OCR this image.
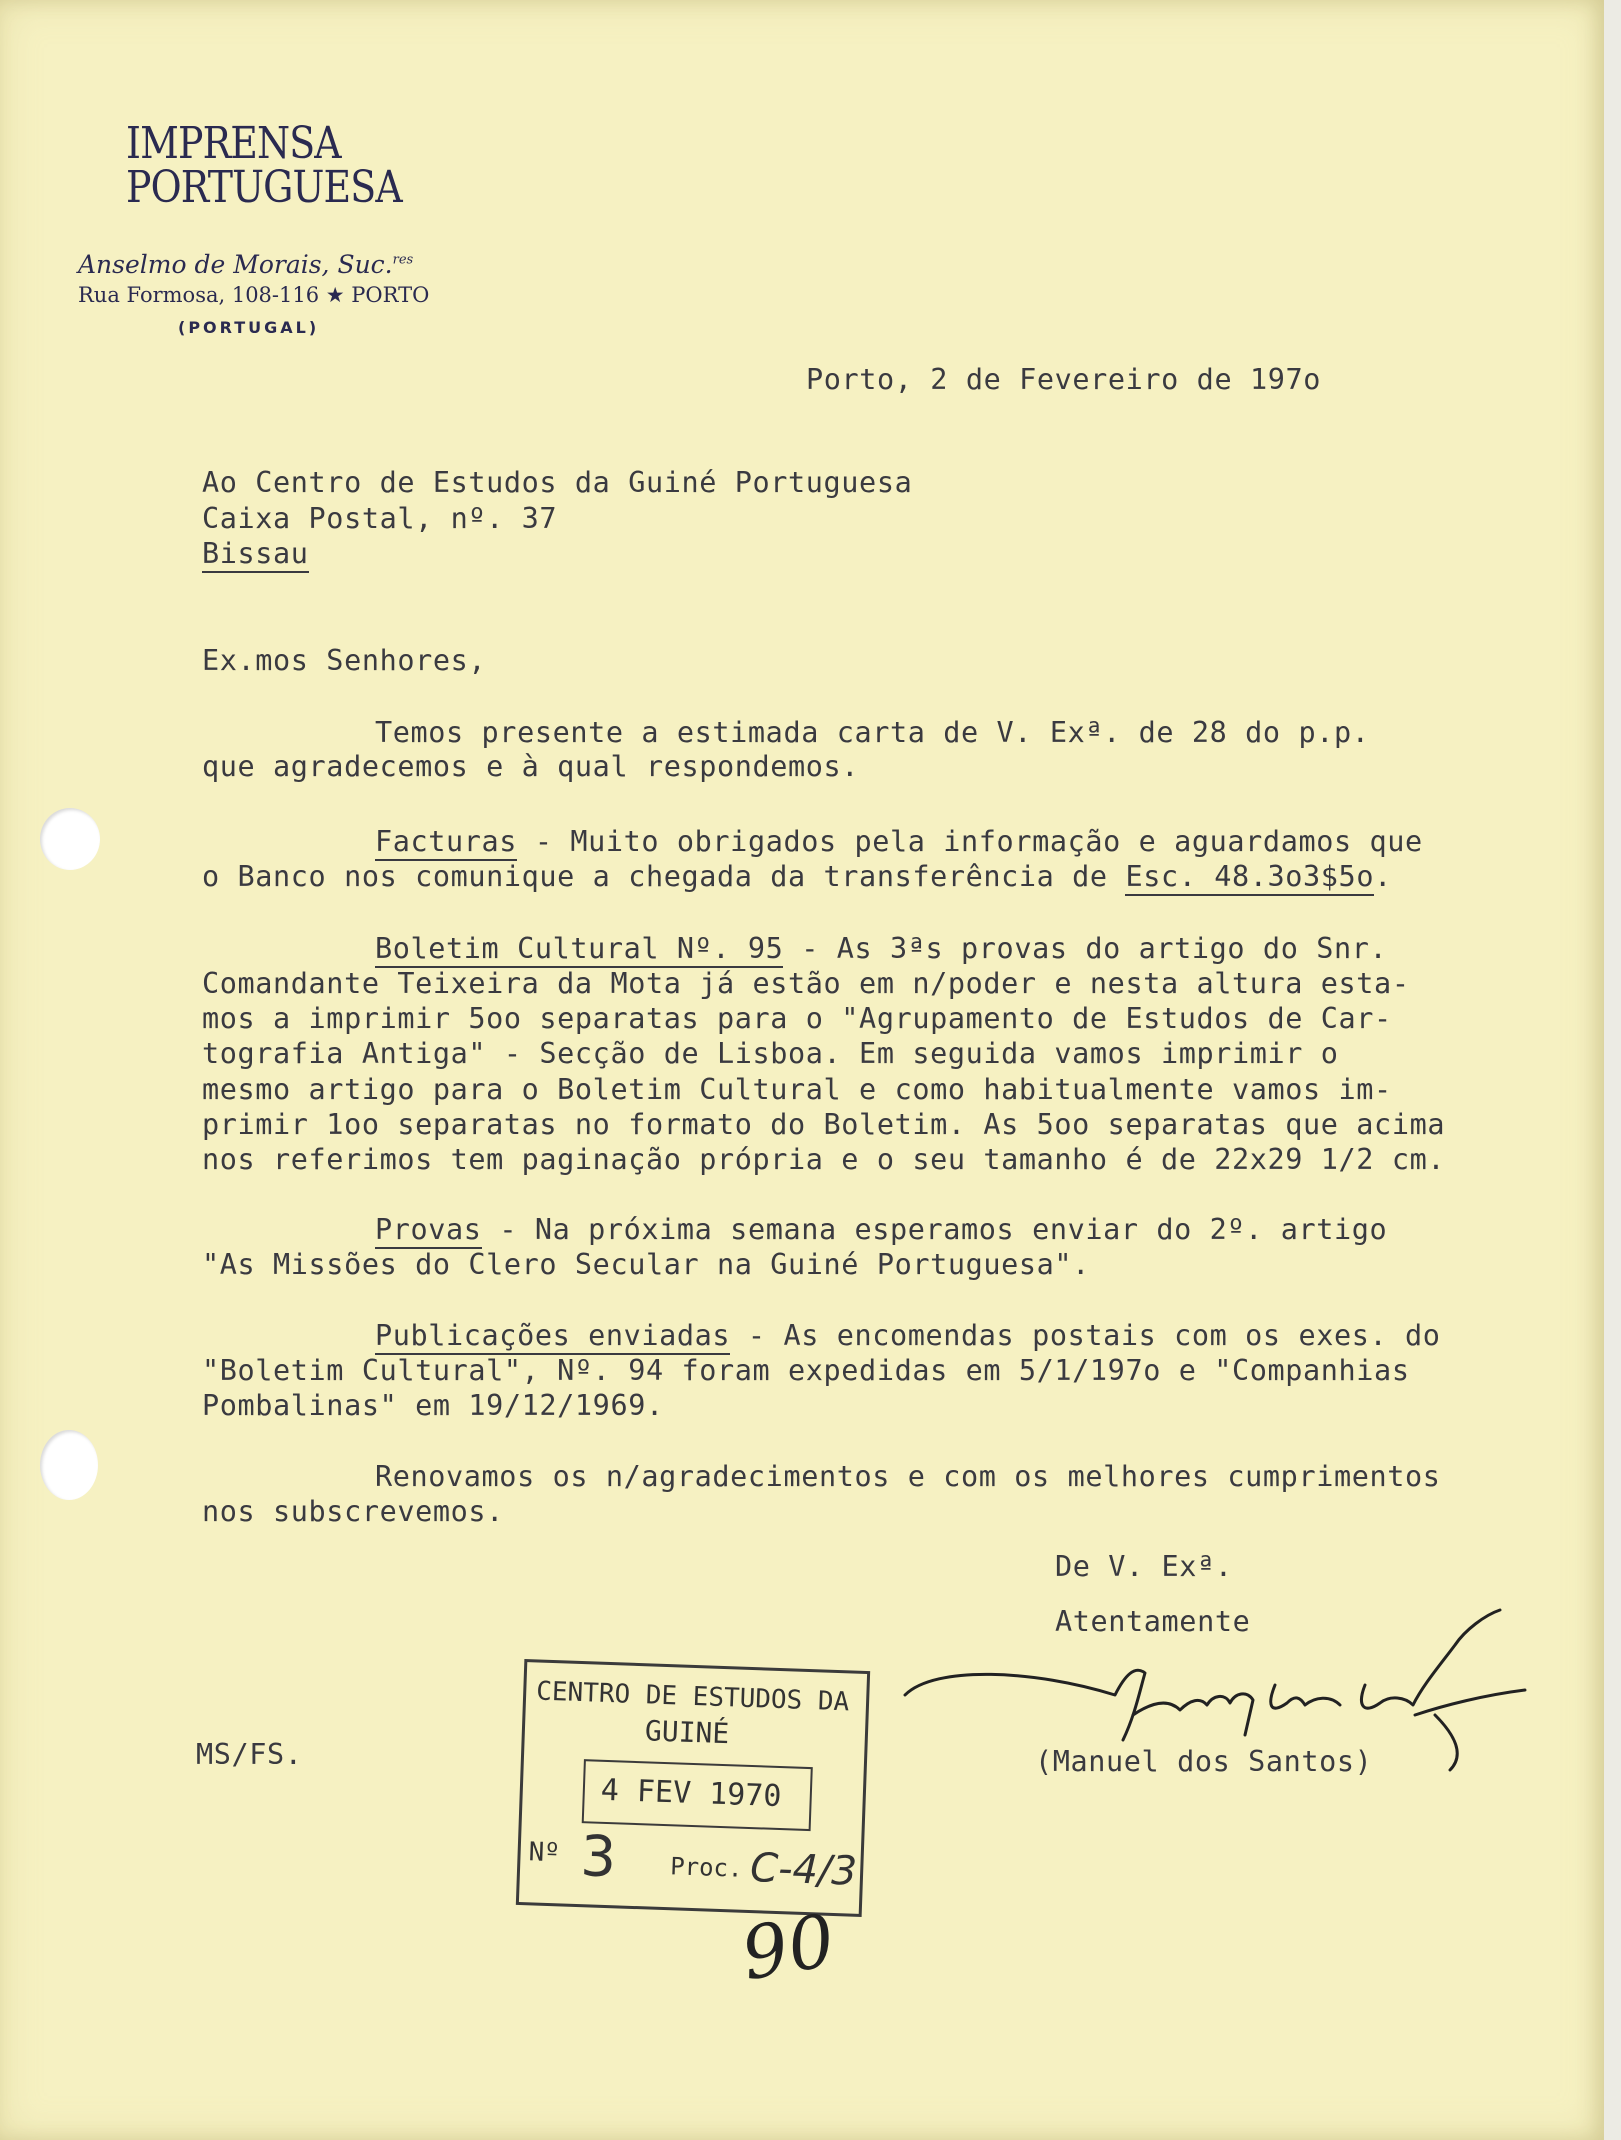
IMPRENSA
PORTUGUESA
Anselmo de Morais, Suc.$^{res}$
Rua Formosa, 108-116 ★ PORTO
(PORTUGAL)
Porto, 2 de Fevereiro de 197o
Ao Centro de Estudos da Guiné Portuguesa
Caixa Postal, nº. 37
Bissau
Ex.mos Senhores,
Temos presente a estimada carta de V. Exª. de 28 do p.p.
que agradecemos e à qual respondemos.
Facturas - Muito obrigados pela informação e aguardamos que
o Banco nos comunique a chegada da transferência de Esc. 48.3o3$5o.
Boletim Cultural Nº. 95 - As 3ªs provas do artigo do Snr.
Comandante Teixeira da Mota já estão em n/poder e nesta altura esta-
mos a imprimir 5oo separatas para o "Agrupamento de Estudos de Car-
tografia Antiga" - Secção de Lisboa. Em seguida vamos imprimir o
mesmo artigo para o Boletim Cultural e como habitualmente vamos im-
primir 1oo separatas no formato do Boletim. As 5oo separatas que acima
nos referimos tem paginação própria e o seu tamanho é de 22x29 1/2 cm.
Provas - Na próxima semana esperamos enviar do 2º. artigo
"As Missões do Clero Secular na Guiné Portuguesa".
Publicações enviadas - As encomendas postais com os exes. do
"Boletim Cultural", Nº. 94 foram expedidas em 5/1/197o e "Companhias
Pombalinas" em 19/12/1969.
Renovamos os n/agradecimentos e com os melhores cumprimentos
nos subscrevemos.
De V. Exª.
Atentamente
(Manuel dos Santos)
MS/FS.
CENTRO DE ESTUDOS DA
GUINÉ
4 FEV 1970
Nº 3 Proc. C-4/3
90
